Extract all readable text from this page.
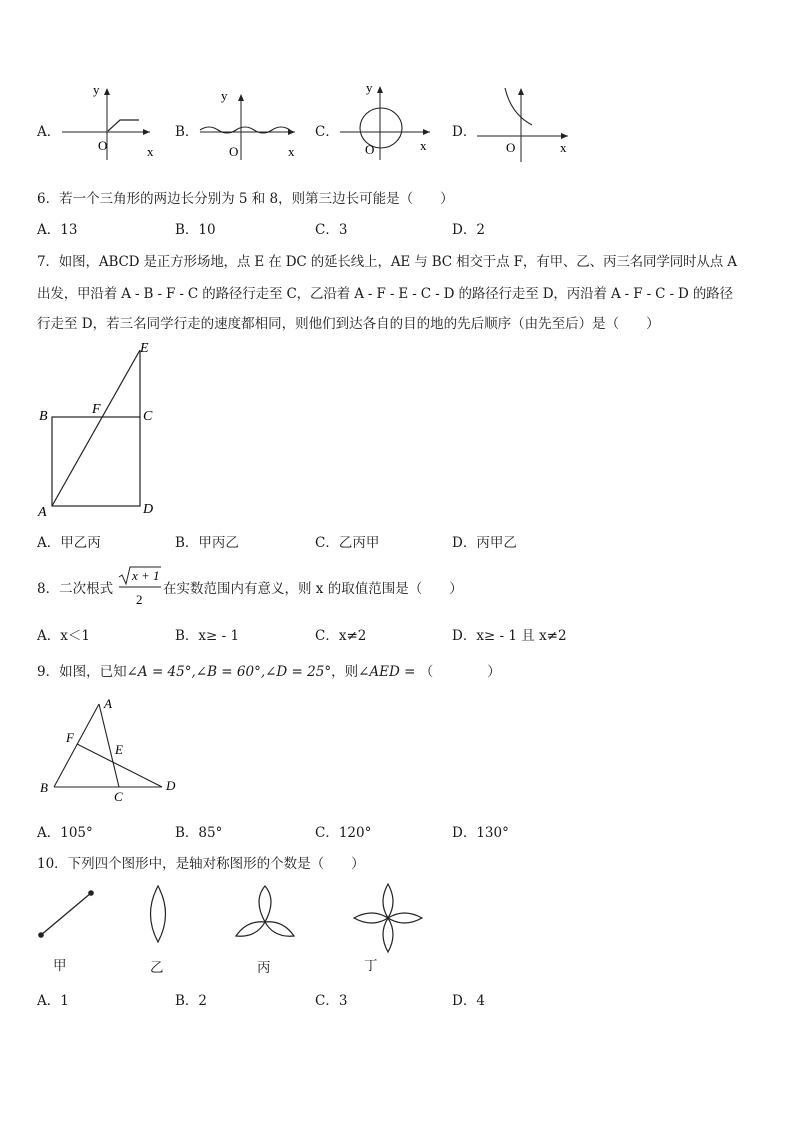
A．
y
x
O
B．
y
x
O
C．
y
x
O
D．
x
O
6．若一个三角形的两边长分别为 5 和 8，则第三边长可能是（　　）
A．13	B．10	C．3	D．2
7．如图，ABCD 是正方形场地，点 E 在 DC 的延长线上，AE 与 BC 相交于点 F，有甲、乙、丙三名同学同时从点 A
出发，甲沿着 A - B - F - C 的路径行走至 C，乙沿着 A - F - E - C - D 的路径行走至 D，丙沿着 A - F - C - D 的路径
行走至 D，若三名同学行走的速度都相同，则他们到达各自的目的地的先后顺序（由先至后）是（　　）
E
B	F	C
A	D
A．甲乙丙	B．甲丙乙	C．乙丙甲	D．丙甲乙
8．二次根式
x + 1
2
在实数范围内有意义，则 x 的取值范围是（　　）
A．x＜1	B．x≥ - 1	C．x≠2	D．x≥ - 1 且 x≠2
9．如图，已知∠A = 45°,∠B = 60°,∠D = 25°，则∠AED = （　　　　）
A
F
E
B
C
D
A．105°	B．85°	C．120°	D．130°
10．下列四个图形中，是轴对称图形的个数是（　　）
甲	乙	丙	丁
A．1	B．2	C．3	D．4
